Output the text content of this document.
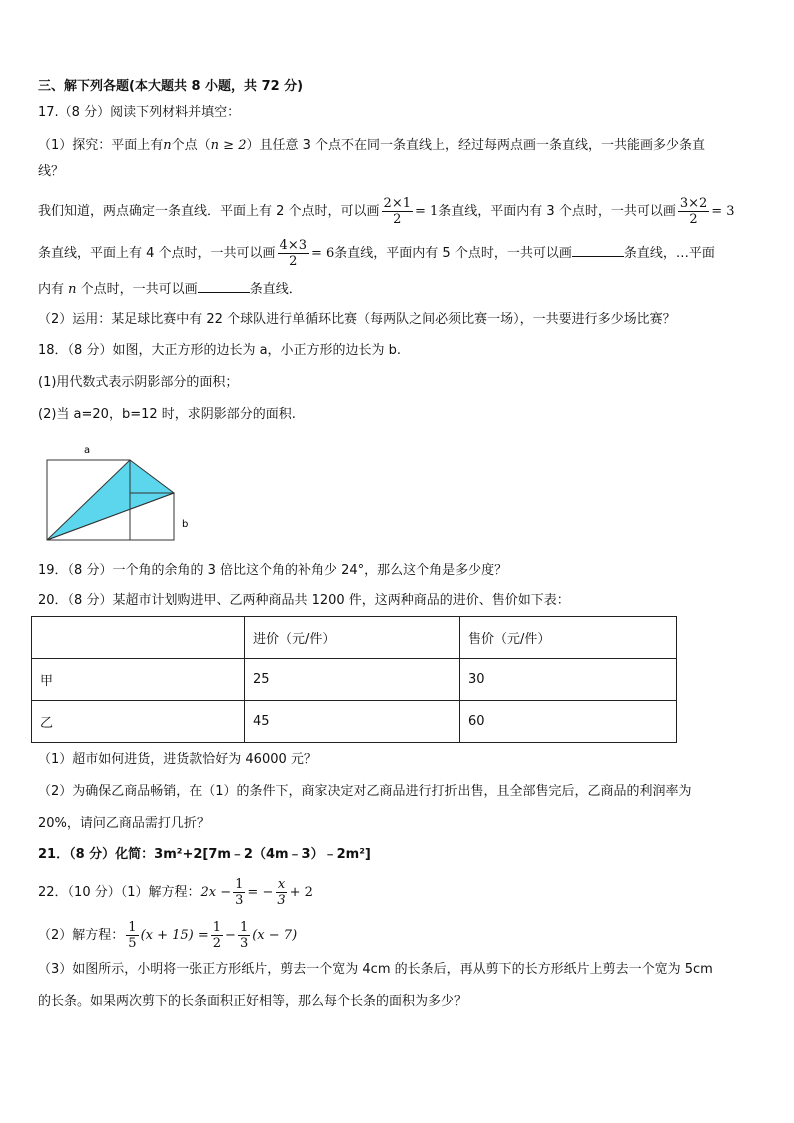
三、解下列各题(本大题共 8 小题，共 72 分)
17.（8 分）阅读下列材料并填空：
（1）探究：平面上有n个点（n ≥ 2）且任意 3 个点不在同一条直线上，经过每两点画一条直线，一共能画多少条直
线？
我们知道，两点确定一条直线．平面上有 2 个点时，可以画 $\frac{2\times 1}{2} = 1$条直线，平面内有 3 个点时，一共可以画 $\frac{3\times 2}{2} = 3$
条直线，平面上有 4 个点时，一共可以画 $\frac{4\times 3}{2} = 6$条直线，平面内有 5 个点时，一共可以画	条直线，…平面
内有 n 个点时，一共可以画	条直线．
（2）运用：某足球比赛中有 22 个球队进行单循环比赛（每两队之间必须比赛一场），一共要进行多少场比赛？
18．（8 分）如图，大正方形的边长为 a，小正方形的边长为 b.
(1)用代数式表示阴影部分的面积；
(2)当 a=20，b=12 时，求阴影部分的面积.
a
b
19．（8 分）一个角的余角的 3 倍比这个角的补角少 24°，那么这个角是多少度？
20．（8 分）某超市计划购进甲、乙两种商品共 1200 件，这两种商品的进价、售价如下表：
	进价（元/件）	售价（元/件）
甲	25	30
乙	45	60
（1）超市如何进货，进货款恰好为 46000 元？
（2）为确保乙商品畅销，在（1）的条件下，商家决定对乙商品进行打折出售，且全部售完后，乙商品的利润率为
20%，请问乙商品需打几折？
21．（8 分）化简：3m²+2[7m﹣2（4m﹣3）﹣2m²]
22．（10 分）（1）解方程：$2x - \frac{1}{3}$ = − $\frac{x}{3} + 2$
（2）解方程： $\frac{1}{5} (x + 15) = \frac{1}{2} - \frac{1}{3} (x - 7)$
（3）如图所示，小明将一张正方形纸片，剪去一个宽为 4cm 的长条后，再从剪下的长方形纸片上剪去一个宽为 5cm
的长条。如果两次剪下的长条面积正好相等，那么每个长条的面积为多少？
